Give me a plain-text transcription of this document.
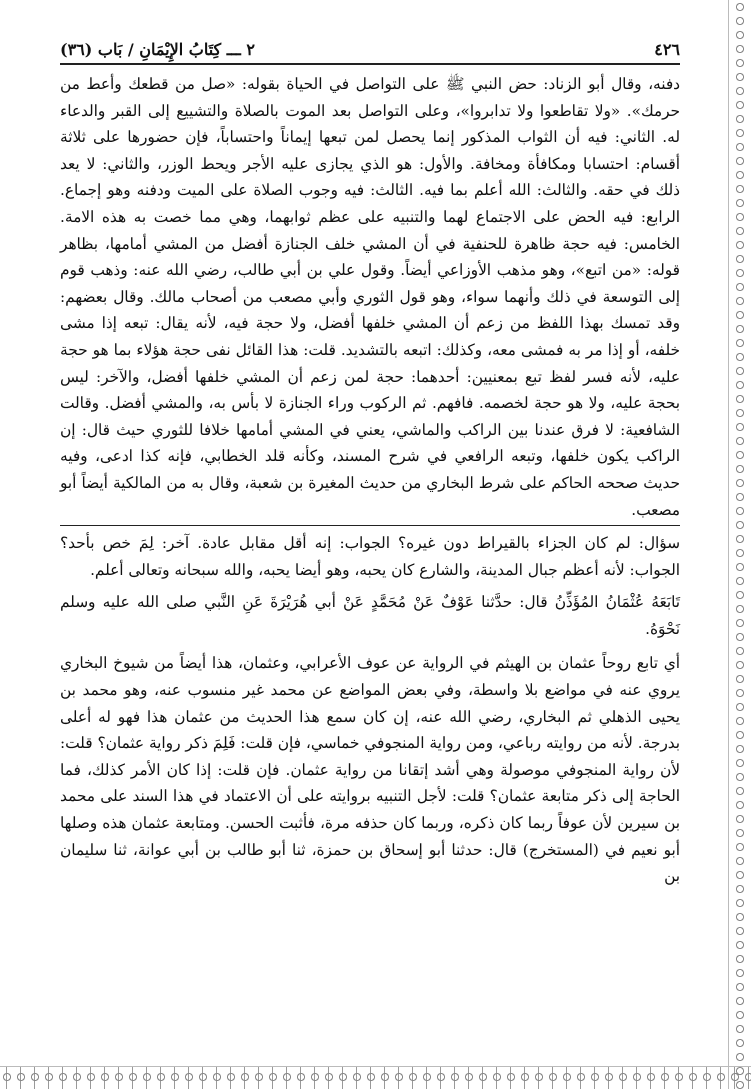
٤٢٦
٢ ـــ كِتَابُ الإِيْمَانِ / بَاب (٣٦)

دفنه، وقال أبو الزناد: حض النبي ﷺ على التواصل في الحياة بقوله: «صل من قطعك وأعط من حرمك». «ولا تقاطعوا ولا تدابروا»، وعلى التواصل بعد الموت بالصلاة والتشييع إلى القبر والدعاء له. الثاني: فيه أن الثواب المذكور إنما يحصل لمن تبعها إيماناً واحتساباً، فإن حضورها على ثلاثة أقسام: احتسابا ومكافأة ومخافة. والأول: هو الذي يجازى عليه الأجر ويحط الوزر، والثاني: لا يعد ذلك في حقه. والثالث: الله أعلم بما فيه. الثالث: فيه وجوب الصلاة على الميت ودفنه وهو إجماع. الرابع: فيه الحض على الاجتماع لهما والتنبيه على عظم ثوابهما، وهي مما خصت به هذه الامة. الخامس: فيه حجة ظاهرة للحنفية في أن المشي خلف الجنازة أفضل من المشي أمامها، بظاهر قوله: «من اتبع»، وهو مذهب الأوزاعي أيضاً. وقول علي بن أبي طالب، رضي الله عنه: وذهب قوم إلى التوسعة في ذلك وأنهما سواء، وهو قول الثوري وأبي مصعب من أصحاب مالك. وقال بعضهم: وقد تمسك بهذا اللفظ من زعم أن المشي خلفها أفضل، ولا حجة فيه، لأنه يقال: تبعه إذا مشى خلفه، أو إذا مر به فمشى معه، وكذلك: اتبعه بالتشديد. قلت: هذا القائل نفى حجة هؤلاء بما هو حجة عليه، لأنه فسر لفظ تبع بمعنيين: أحدهما: حجة لمن زعم أن المشي خلفها أفضل، والآخر: ليس بحجة عليه، ولا هو حجة لخصمه. فافهم. ثم الركوب وراء الجنازة لا بأس به، والمشي أفضل. وقالت الشافعية: لا فرق عندنا بين الراكب والماشي، يعني في المشي أمامها خلافا للثوري حيث قال: إن الراكب يكون خلفها، وتبعه الرافعي في شرح المسند، وكأنه قلد الخطابي، فإنه كذا ادعى، وفيه حديث صححه الحاكم على شرط البخاري من حديث المغيرة بن شعبة، وقال به من المالكية أيضاً أبو مصعب.

سؤال: لم كان الجزاء بالقيراط دون غيره؟ الجواب: إنه أقل مقابل عادة. آخر: لِمَ خص بأحد؟ الجواب: لأنه أعظم جبال المدينة، والشارع كان يحبه، وهو أيضا يحبه، والله سبحانه وتعالى أعلم.

تَابَعَهُ عُثْمَانُ المُؤَذِّنُ قال: حدَّثنا عَوْفٌ عَنْ مُحَمَّدٍ عَنْ أبي هُرَيْرَةَ عَنِ النَّبي صلى الله عليه وسلم نَحْوَهُ.

أي تابع روحاً عثمان بن الهيثم في الرواية عن عوف الأعرابي، وعثمان، هذا أيضاً من شيوخ البخاري يروي عنه في مواضع بلا واسطة، وفي بعض المواضع عن محمد غير منسوب عنه، وهو محمد بن يحيى الذهلي ثم البخاري، رضي الله عنه، إن كان سمع هذا الحديث من عثمان هذا فهو له أعلى بدرجة. لأنه من روايته رباعي، ومن رواية المنجوفي خماسي، فإن قلت: فَلِمَ ذكر رواية عثمان؟ قلت: لأن رواية المنجوفي موصولة وهي أشد إتقانا من رواية عثمان. فإن قلت: إذا كان الأمر كذلك، فما الحاجة إلى ذكر متابعة عثمان؟ قلت: لأجل التنبيه بروايته على أن الاعتماد في هذا السند على محمد بن سيرين لأن عوفاً ربما كان ذكره، وربما كان حذفه مرة، فأثبت الحسن. ومتابعة عثمان هذه وصلها أبو نعيم في (المستخرج) قال: حدثنا أبو إسحاق بن حمزة، ثنا أبو طالب بن أبي عوانة، ثنا سليمان بن
